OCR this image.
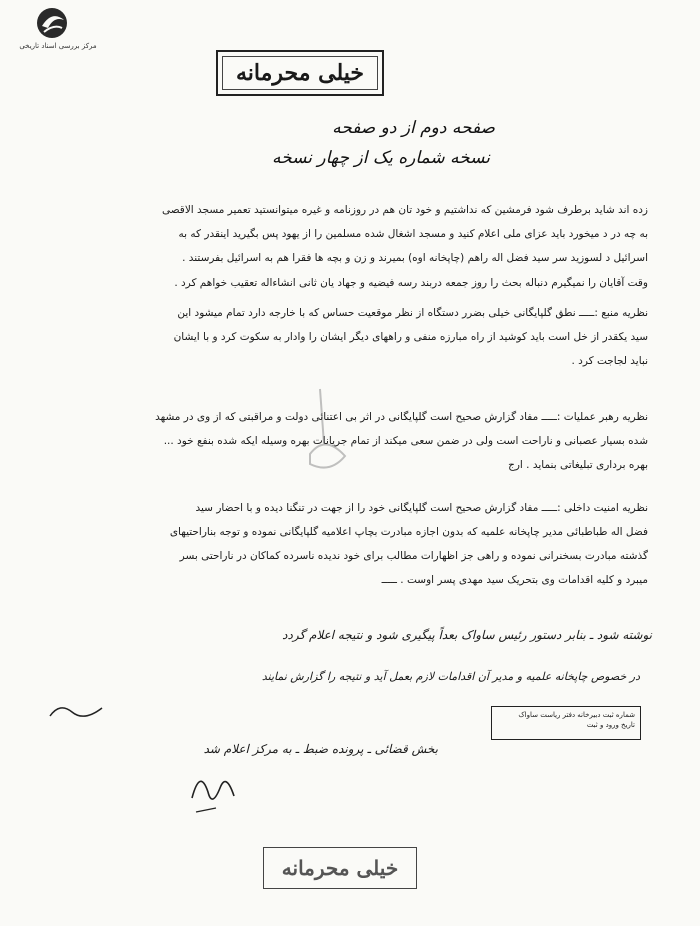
مرکز بررسی اسناد تاریخی
خیلی محرمانه
صفحه دوم از دو صفحه
نسخه شماره یک از چهار نسخه
زده اند شاید برطرف شود فرمشین که نداشتیم و خود تان هم در روزنامه و غیره میتوانستید تعمیر مسجد الاقصی
به چه در د میخورد باید عزای ملی اعلام کنید و مسجد اشغال شده مسلمین را از یهود پس بگیرید اینقدر که به
اسرائیل د لسوزید سر سید فضل اله راهم (چاپخانه اوه) بمیرند و زن و بچه ها فقرا هم به اسرائیل بفرستند .
وقت آقایان را نمیگیرم دنباله بحث را روز جمعه دربند رسه فیضیه و جهاد یان ثانی انشاءاله تعقیب خواهم کرد .
نظریه منبع :ـــــ نطق گلپایگانی خیلی بضرر دستگاه از نظر موقعیت حساس که با خارجه دارد تمام میشود این
سید یکقدر از خل است باید کوشید از راه مبارزه منفی و راههای دیگر ایشان را وادار به سکوت کرد و با ایشان
نباید لجاجت کرد .
نظریه رهبر عملیات :ـــــ مفاد گزارش صحیح است گلپایگانی در اثر بی اعتنائی دولت و مراقبتی که از وی در مشهد
شده بسیار عصبانی و ناراحت است ولی در ضمن سعی میکند از تمام جریانات بهره وسیله ایکه شده بنفع خود ...
بهره برداری تبلیغاتی بنماید . ارج
نظریه امنیت داخلی :ـــــ مفاد گزارش صحیح است گلپایگانی خود را از جهت در تنگنا دیده و با احضار سید
فضل اله طباطبائی مدیر چاپخانه علمیه که بدون اجازه مبادرت بچاپ اعلامیه گلپایگانی نموده و توجه بناراحتیهای
گذشته مبادرت بسخنرانی نموده و راهی جز اظهارات مطالب برای خود ندیده ناسرده کماکان در ناراحتی بسر
میبرد و کلیه اقدامات وی بتحریک سید مهدی پسر اوست . ـــــ
نوشته شود ـ بنابر دستور رئیس ساواک بعداً پیگیری شود و نتیجه اعلام گردد
در خصوص چاپخانه علمیه و مدیر آن اقدامات لازم بعمل آید و نتیجه را گزارش نمایند
شماره ثبت دبیرخانه دفتر ریاست ساواک
تاریخ ورود و ثبت
بخش قضائی ـ پرونده ضبط ـ به مرکز اعلام شد
خیلی محرمانه
